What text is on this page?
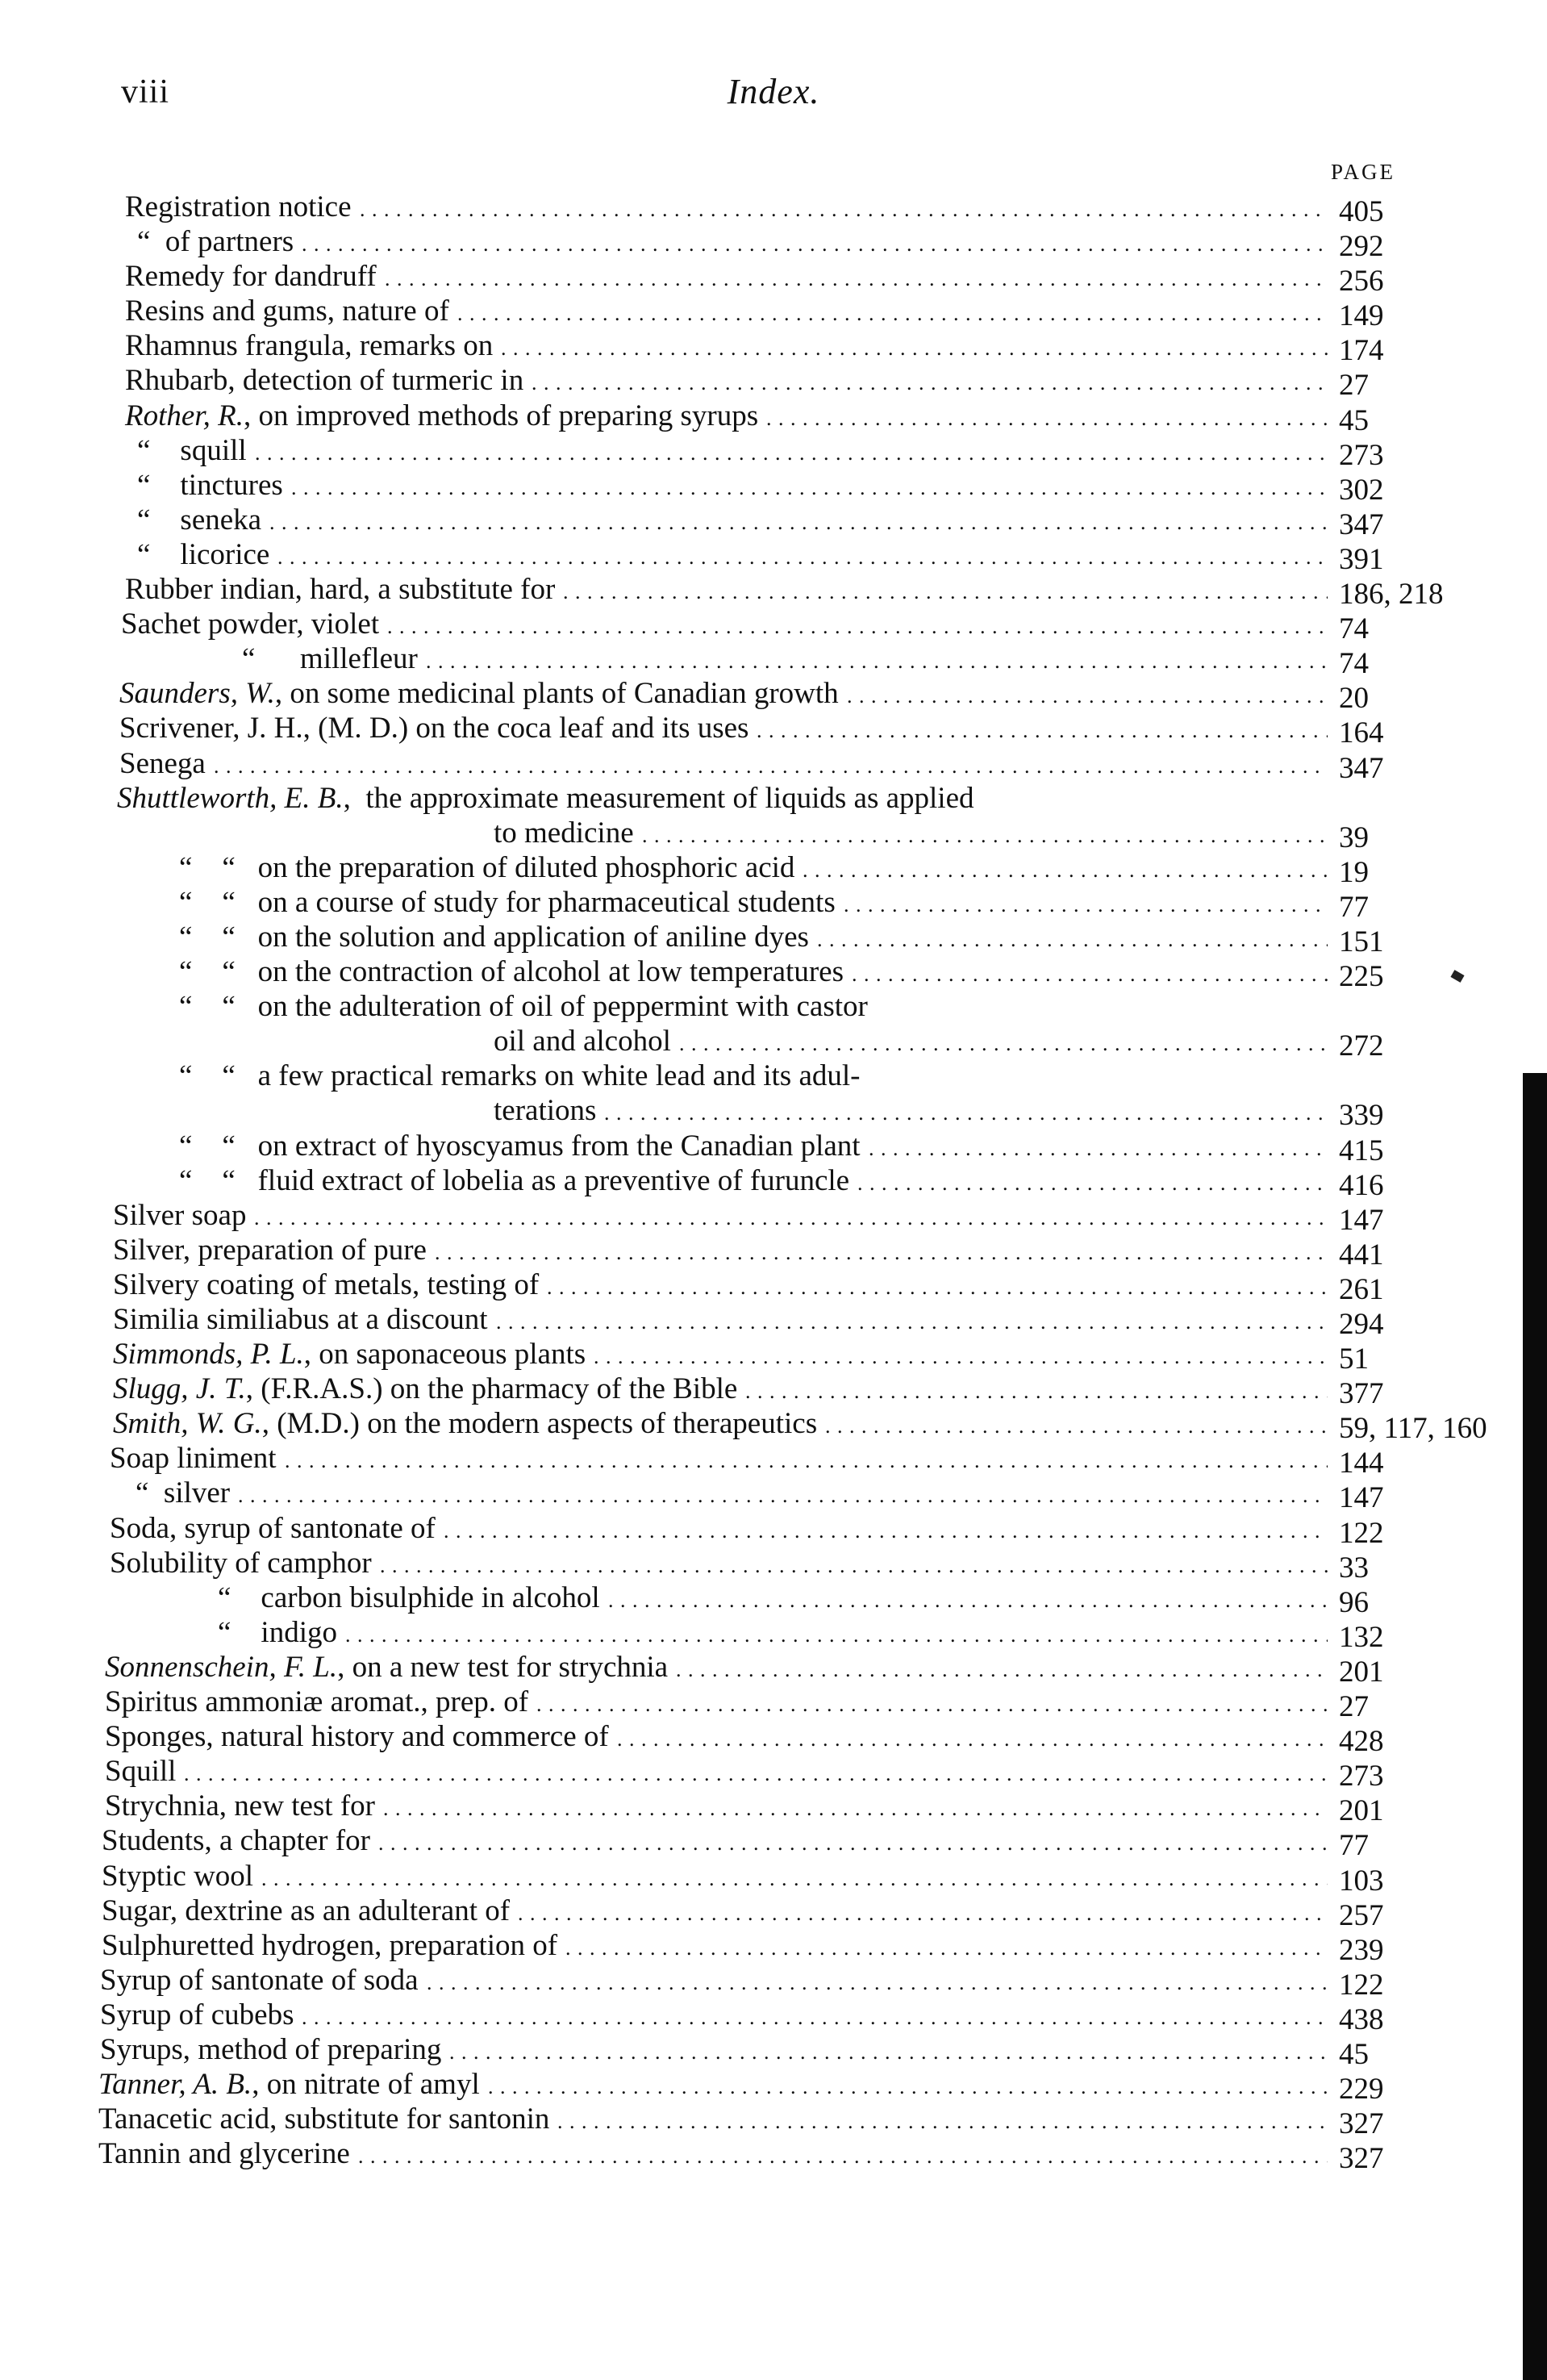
viii	Index.
PAGE
Registration notice	405
. . .
“  of partners	292
. . .
Remedy for dandruff	256
. . .
Resins and gums, nature of	149
. . .
Rhamnus frangula, remarks on	174
. . .
Rhubarb, detection of turmeric in	27
. . .
Rother, R., on improved methods of preparing syrups	45
. . .
“    squill	273
. . .
“    tinctures	302
. . .
“    seneka	347
. . .
“    licorice	391
. . .
Rubber indian, hard, a substitute for	186, 218
. . .
Sachet powder, violet	74
. . .
“      millefleur	74
. . .
Saunders, W., on some medicinal plants of Canadian growth	20
. . .
Scrivener, J. H., (M. D.) on the coca leaf and its uses	164
. . .
Senega	347
. . .
Shuttleworth, E. B.,  the approximate measurement of liquids as applied
to medicine	39
. . .
“    “   on the preparation of diluted phosphoric acid	19
. . .
“    “   on a course of study for pharmaceutical students	77
. . .
“    “   on the solution and application of aniline dyes	151
. . .
“    “   on the contraction of alcohol at low temperatures	225
. . .
“    “   on the adulteration of oil of peppermint with castor
oil and alcohol	272
. . .
“    “   a few practical remarks on white lead and its adul-
terations	339
. . .
“    “   on extract of hyoscyamus from the Canadian plant	415
. . .
“    “   fluid extract of lobelia as a preventive of furuncle	416
. . .
Silver soap	147
. . .
Silver, preparation of pure	441
. . .
Silvery coating of metals, testing of	261
. . .
Similia similiabus at a discount	294
. . .
Simmonds, P. L., on saponaceous plants	51
. . .
Slugg, J. T., (F.R.A.S.) on the pharmacy of the Bible	377
. . .
Smith, W. G., (M.D.) on the modern aspects of therapeutics	59, 117, 160
. . .
Soap liniment	144
. . .
“  silver	147
. . .
Soda, syrup of santonate of	122
. . .
Solubility of camphor	33
. . .
“    carbon bisulphide in alcohol	96
. . .
“    indigo	132
. . .
Sonnenschein, F. L., on a new test for strychnia	201
. . .
Spiritus ammoniæ aromat., prep. of	27
. . .
Sponges, natural history and commerce of	428
. . .
Squill	273
. . .
Strychnia, new test for	201
. . .
Students, a chapter for	77
. . .
Styptic wool	103
. . .
Sugar, dextrine as an adulterant of	257
. . .
Sulphuretted hydrogen, preparation of	239
. . .
Syrup of santonate of soda	122
. . .
Syrup of cubebs	438
. . .
Syrups, method of preparing	45
. . .
Tanner, A. B., on nitrate of amyl	229
. . .
Tanacetic acid, substitute for santonin	327
. . .
Tannin and glycerine	327
. . .
